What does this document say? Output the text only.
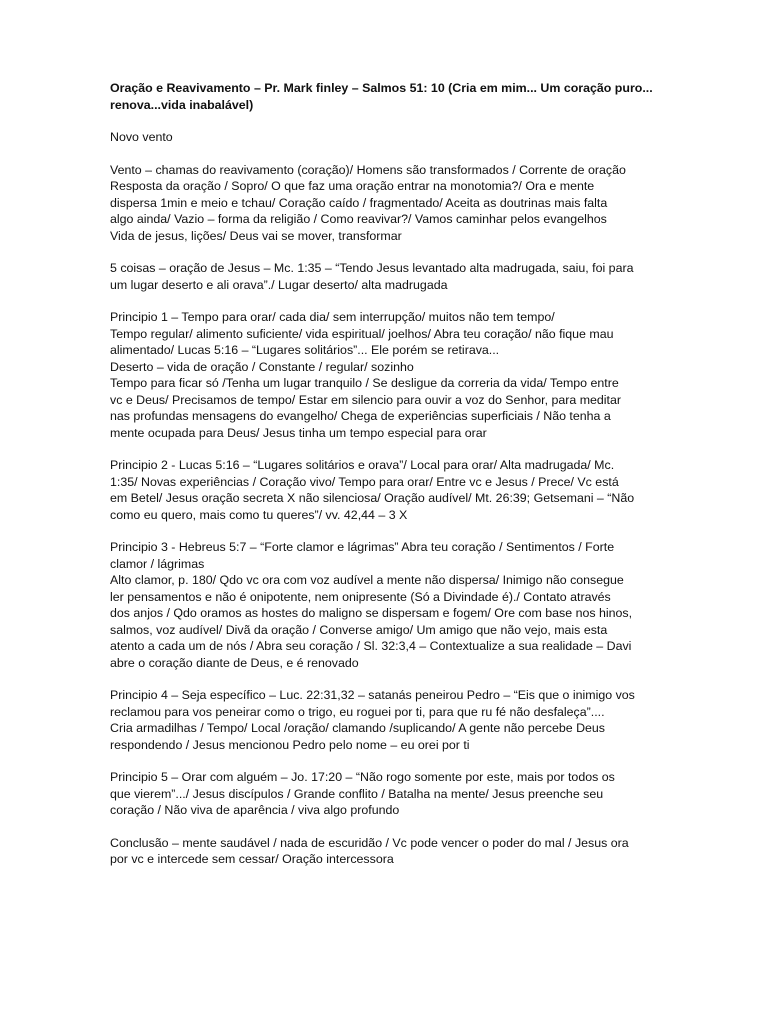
Oração e Reavivamento – Pr. Mark finley – Salmos 51: 10 (Cria em mim... Um coração puro...
renova...vida inabalável)

Novo vento

Vento – chamas do reavivamento (coração)/ Homens são transformados / Corrente de oração
Resposta da oração / Sopro/ O que faz uma oração entrar na monotomia?/ Ora e mente
dispersa 1min e meio e tchau/ Coração caído / fragmentado/ Aceita as doutrinas mais falta
algo ainda/ Vazio – forma da religião / Como reavivar?/ Vamos caminhar pelos evangelhos
Vida de jesus, lições/ Deus vai se mover, transformar

5 coisas – oração de Jesus – Mc. 1:35 – “Tendo Jesus levantado alta madrugada, saiu, foi para
um lugar deserto e ali orava”./ Lugar deserto/ alta madrugada

Principio 1 – Tempo para orar/ cada dia/ sem interrupção/ muitos não tem tempo/
Tempo regular/ alimento suficiente/ vida espiritual/ joelhos/ Abra teu coração/ não fique mau
alimentado/ Lucas 5:16 – “Lugares solitários”... Ele porém se retirava...
Deserto – vida de oração / Constante / regular/ sozinho
Tempo para ficar só /Tenha um lugar tranquilo / Se desligue da correria da vida/ Tempo entre
vc e Deus/ Precisamos de tempo/ Estar em silencio para ouvir a voz do Senhor, para meditar
nas profundas mensagens do evangelho/ Chega de experiências superficiais / Não tenha a
mente ocupada para Deus/ Jesus tinha um tempo especial para orar

Principio 2 - Lucas 5:16 – “Lugares solitários e orava”/ Local para orar/ Alta madrugada/ Mc.
1:35/ Novas experiências / Coração vivo/ Tempo para orar/ Entre vc e Jesus / Prece/ Vc está
em Betel/ Jesus oração secreta X não silenciosa/ Oração audível/ Mt. 26:39; Getsemani – “Não
como eu quero, mais como tu queres”/ vv. 42,44 – 3 X

Principio 3 - Hebreus 5:7 – “Forte clamor e lágrimas” Abra teu coração / Sentimentos / Forte
clamor / lágrimas
Alto clamor, p. 180/ Qdo vc ora com voz audível a mente não dispersa/ Inimigo não consegue
ler pensamentos e não é onipotente, nem onipresente (Só a Divindade é)./ Contato através
dos anjos / Qdo oramos as hostes do maligno se dispersam e fogem/ Ore com base nos hinos,
salmos, voz audível/ Divã da oração / Converse amigo/ Um amigo que não vejo, mais esta
atento a cada um de nós / Abra seu coração / Sl. 32:3,4 – Contextualize a sua realidade – Davi
abre o coração diante de Deus, e é renovado

Principio 4 – Seja específico – Luc. 22:31,32 – satanás peneirou Pedro – “Eis que o inimigo vos
reclamou para vos peneirar como o trigo, eu roguei por ti, para que ru fé não desfaleça”....
Cria armadilhas / Tempo/ Local /oração/ clamando /suplicando/ A gente não percebe Deus
respondendo / Jesus mencionou Pedro pelo nome – eu orei por ti

Principio 5 – Orar com alguém – Jo. 17:20 – “Não rogo somente por este, mais por todos os
que vierem”.../ Jesus discípulos / Grande conflito / Batalha na mente/ Jesus preenche seu
coração / Não viva de aparência / viva algo profundo

Conclusão – mente saudável / nada de escuridão / Vc pode vencer o poder do mal / Jesus ora
por vc e intercede sem cessar/ Oração intercessora
